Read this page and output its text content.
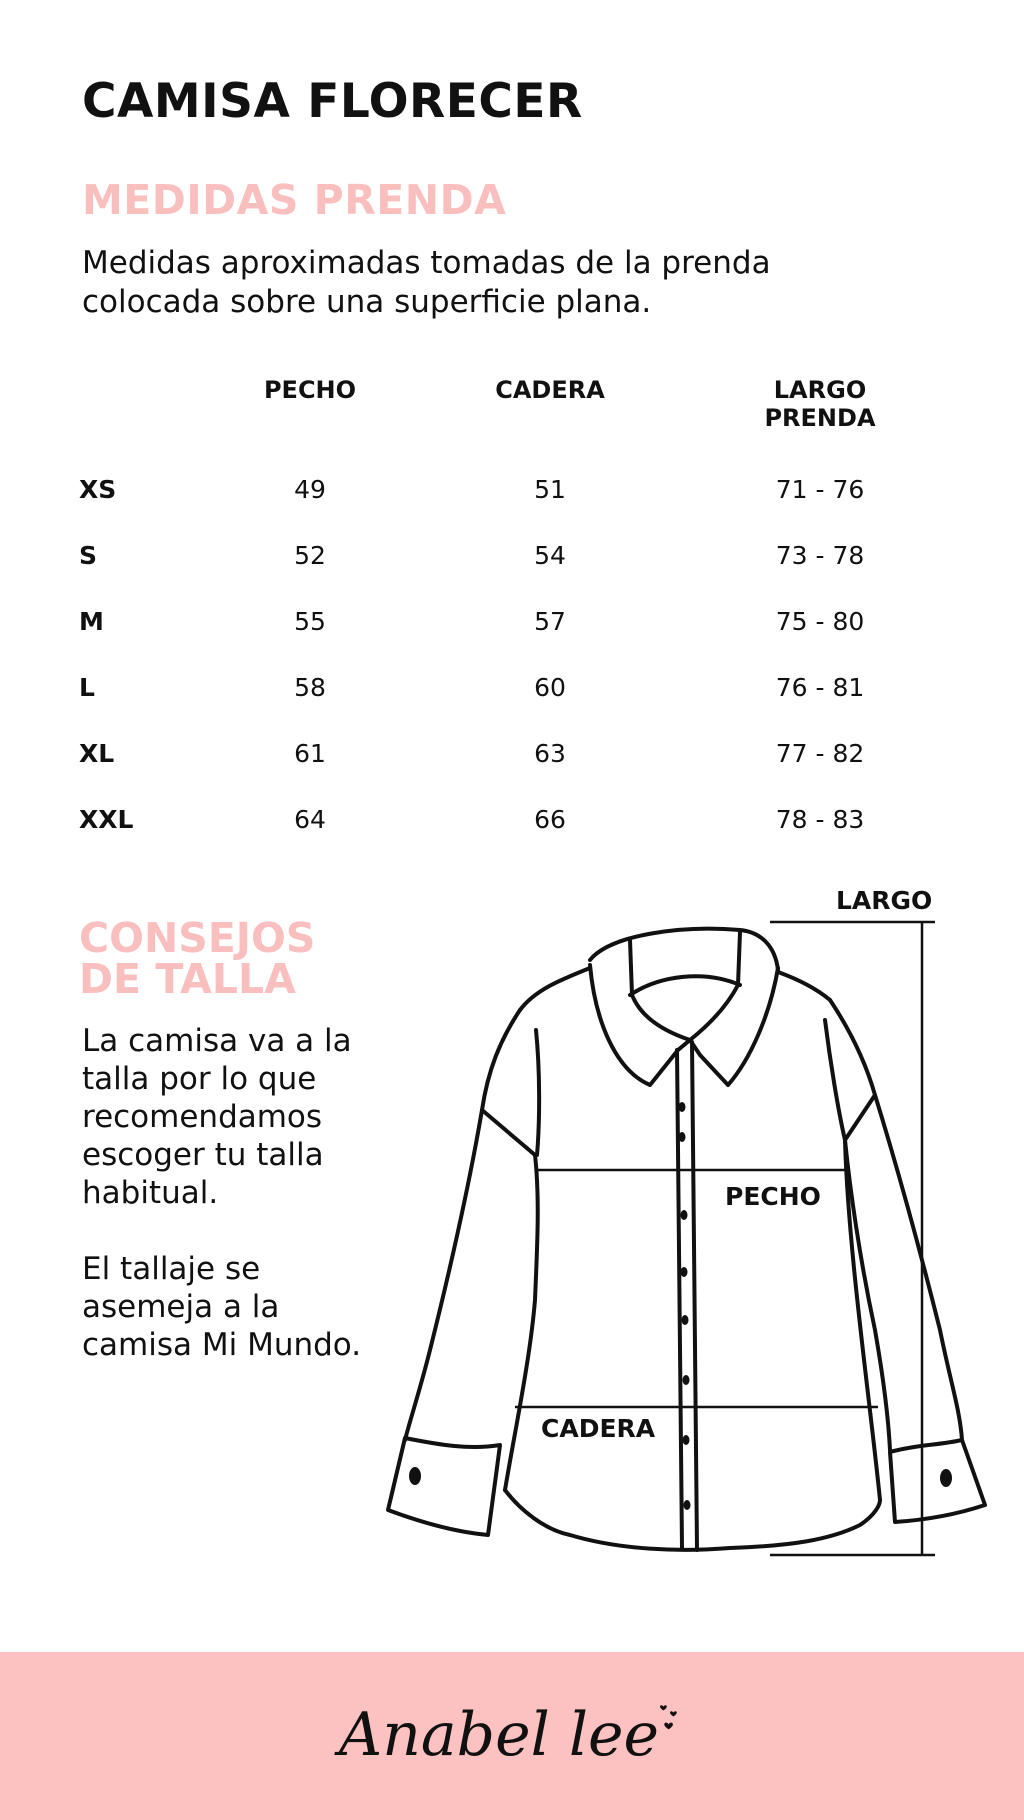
CAMISA FLORECER
MEDIDAS PRENDA

Medidas aproximadas tomadas de la prenda colocada sobre una superficie plana.

	PECHO	CADERA	LARGO PRENDA
XS	49	51	71 - 76
S	52	54	73 - 78
M	55	57	75 - 80
L	58	60	76 - 81
XL	61	63	77 - 82
XXL	64	66	78 - 83
CONSEJOS DE TALLA

La camisa va a la talla por lo que recomendamos escoger tu talla habitual.

El tallaje se asemeja a la camisa Mi Mundo.

LARGO
PECHO
CADERA
Anabel lee
